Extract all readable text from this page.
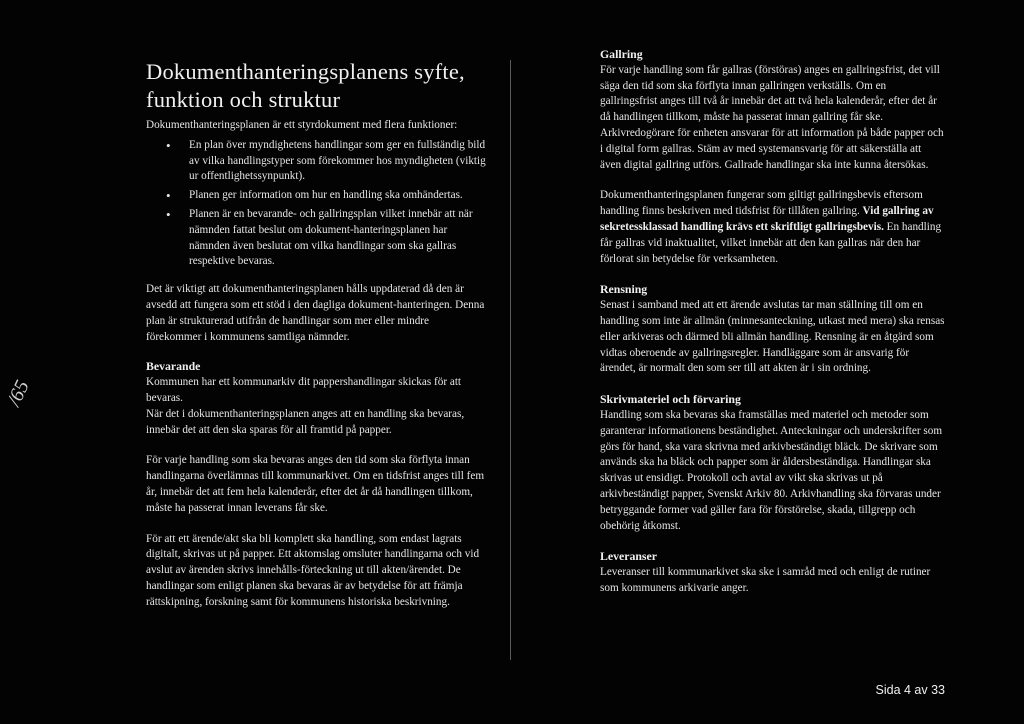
/65
Dokumenthanteringsplanens syfte, funktion och struktur

Dokumenthanteringsplanen är ett styrdokument med flera funktioner:

• En plan över myndighetens handlingar som ger en fullständig bild av vilka handlingstyper som förekommer hos myndigheten (viktig ur offentlighetssynpunkt).
• Planen ger information om hur en handling ska omhändertas.
• Planen är en bevarande- och gallringsplan vilket innebär att när nämnden fattat beslut om dokument-hanteringsplanen har nämnden även beslutat om vilka handlingar som ska gallras respektive bevaras.

Det är viktigt att dokumenthanteringsplanen hålls uppdaterad då den är avsedd att fungera som ett stöd i den dagliga dokument-hanteringen. Denna plan är strukturerad utifrån de handlingar som mer eller mindre förekommer i kommunens samtliga nämnder.

Bevarande

Kommunen har ett kommunarkiv dit pappershandlingar skickas för att bevaras.

När det i dokumenthanteringsplanen anges att en handling ska bevaras, innebär det att den ska sparas för all framtid på papper.

För varje handling som ska bevaras anges den tid som ska förflyta innan handlingarna överlämnas till kommunarkivet. Om en tidsfrist anges till fem år, innebär det att fem hela kalenderår, efter det år då handlingen tillkom, måste ha passerat innan leverans får ske.

För att ett ärende/akt ska bli komplett ska handling, som endast lagrats digitalt, skrivas ut på papper. Ett aktomslag omsluter handlingarna och vid avslut av ärenden skrivs innehålls-förteckning ut till akten/ärendet. De handlingar som enligt planen ska bevaras är av betydelse för att främja rättskipning, forskning samt för kommunens historiska beskrivning.

Gallring

För varje handling som får gallras (förstöras) anges en gallringsfrist, det vill säga den tid som ska förflyta innan gallringen verkställs. Om en gallringsfrist anges till två år innebär det att två hela kalenderår, efter det år då handlingen tillkom, måste ha passerat innan gallring får ske. Arkivredogörare för enheten ansvarar för att information på både papper och i digital form gallras. Stäm av med systemansvarig för att säkerställa att även digital gallring utförs. Gallrade handlingar ska inte kunna återsökas.

Dokumenthanteringsplanen fungerar som giltigt gallringsbevis eftersom handling finns beskriven med tidsfrist för tillåten gallring. Vid gallring av sekretessklassad handling krävs ett skriftligt gallringsbevis. En handling får gallras vid inaktualitet, vilket innebär att den kan gallras när den har förlorat sin betydelse för verksamheten.

Rensning

Senast i samband med att ett ärende avslutas tar man ställning till om en handling som inte är allmän (minnesanteckning, utkast med mera) ska rensas eller arkiveras och därmed bli allmän handling. Rensning är en åtgärd som vidtas oberoende av gallringsregler. Handläggare som är ansvarig för ärendet, är normalt den som ser till att akten är i sin ordning.

Skrivmateriel och förvaring

Handling som ska bevaras ska framställas med materiel och metoder som garanterar informationens beständighet. Anteckningar och underskrifter som görs för hand, ska vara skrivna med arkivbeständigt bläck. De skrivare som används ska ha bläck och papper som är åldersbeständiga. Handlingar ska skrivas ut ensidigt. Protokoll och avtal av vikt ska skrivas ut på arkivbeständigt papper, Svenskt Arkiv 80. Arkivhandling ska förvaras under betryggande former vad gäller fara för förstörelse, skada, tillgrepp och obehörig åtkomst.

Leveranser

Leveranser till kommunarkivet ska ske i samråd med och enligt de rutiner som kommunens arkivarie anger.

Sida 4 av 33
